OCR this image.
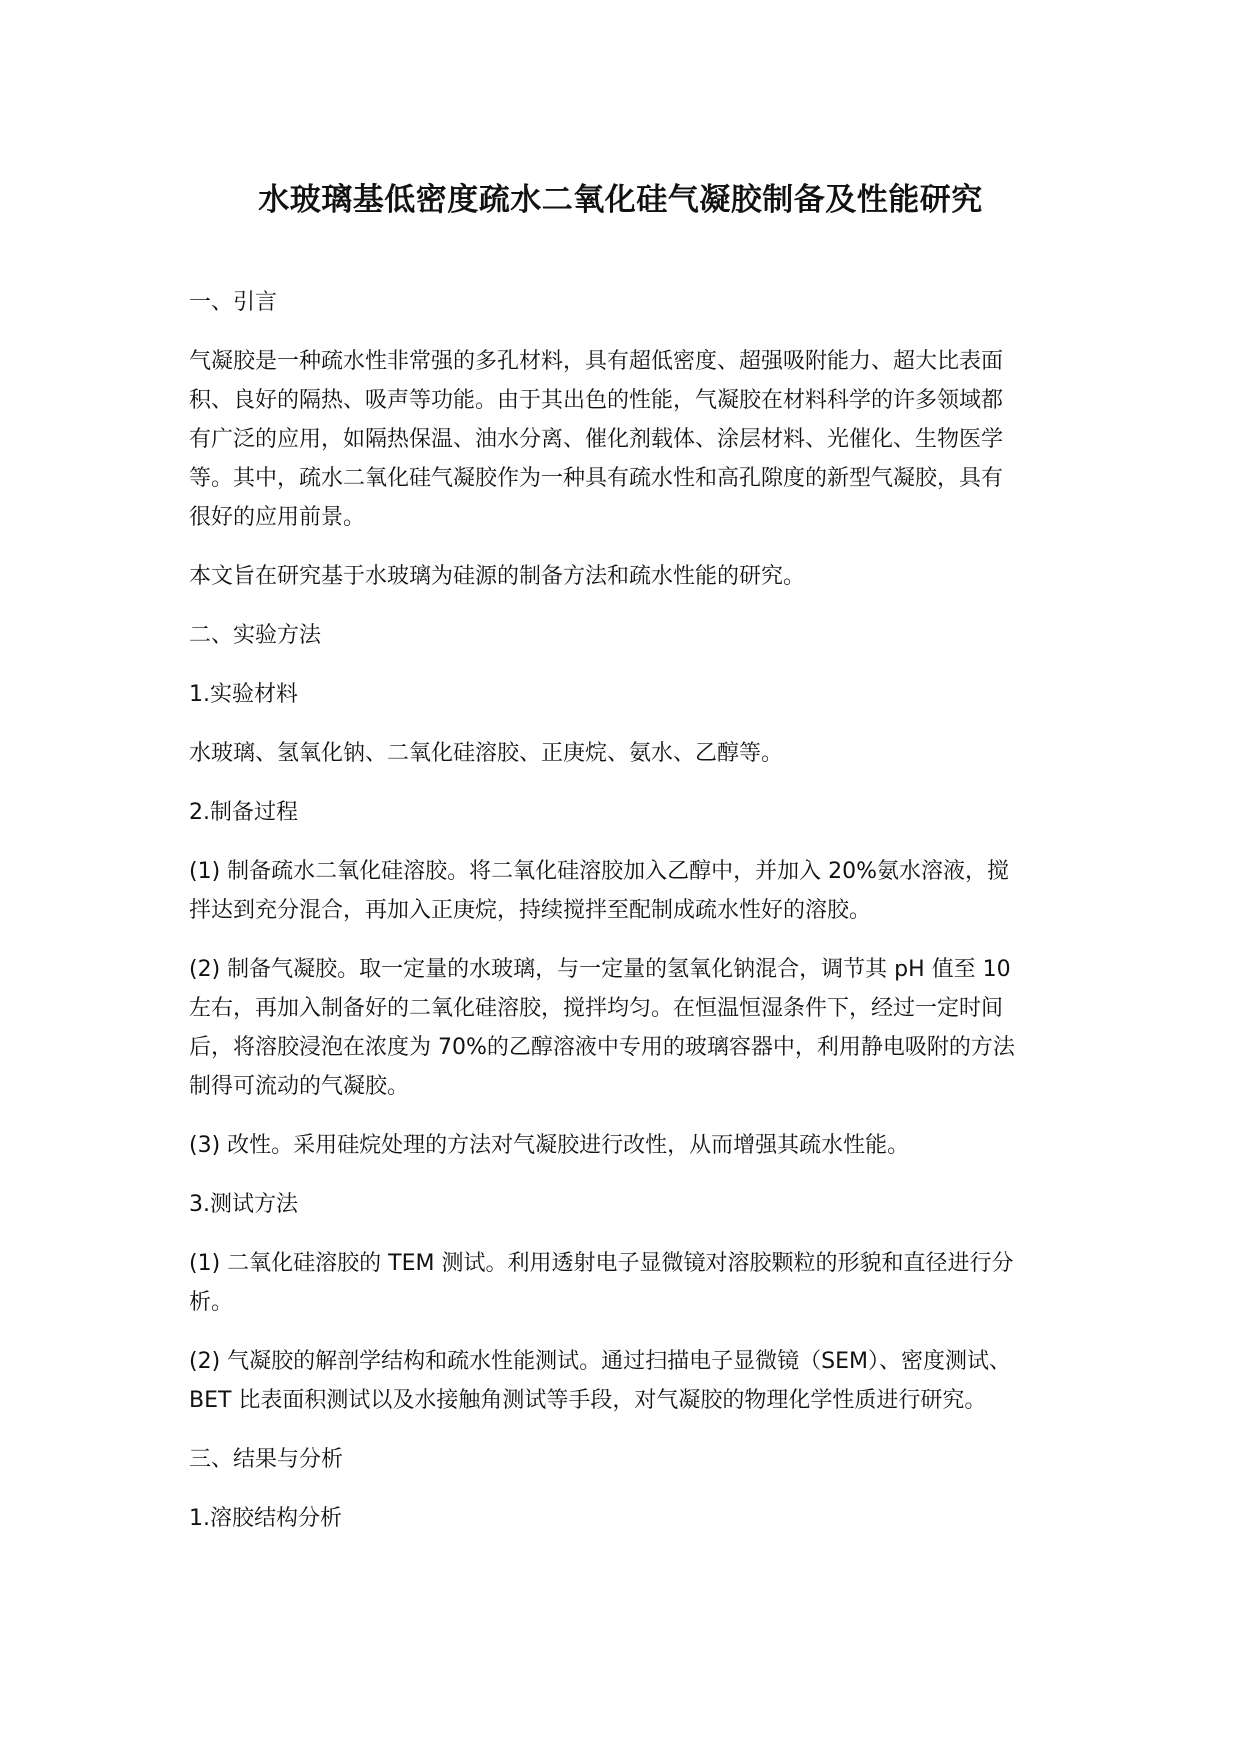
水玻璃基低密度疏水二氧化硅气凝胶制备及性能研究

一、引言

气凝胶是一种疏水性非常强的多孔材料，具有超低密度、超强吸附能力、超大比表面
积、良好的隔热、吸声等功能。由于其出色的性能，气凝胶在材料科学的许多领域都
有广泛的应用，如隔热保温、油水分离、催化剂载体、涂层材料、光催化、生物医学
等。其中，疏水二氧化硅气凝胶作为一种具有疏水性和高孔隙度的新型气凝胶，具有
很好的应用前景。

本文旨在研究基于水玻璃为硅源的制备方法和疏水性能的研究。

二、实验方法

1.实验材料

水玻璃、氢氧化钠、二氧化硅溶胶、正庚烷、氨水、乙醇等。

2.制备过程

(1) 制备疏水二氧化硅溶胶。将二氧化硅溶胶加入乙醇中，并加入 20%氨水溶液，搅
拌达到充分混合，再加入正庚烷，持续搅拌至配制成疏水性好的溶胶。

(2) 制备气凝胶。取一定量的水玻璃，与一定量的氢氧化钠混合，调节其 pH 值至 10
左右，再加入制备好的二氧化硅溶胶，搅拌均匀。在恒温恒湿条件下，经过一定时间
后，将溶胶浸泡在浓度为 70%的乙醇溶液中专用的玻璃容器中，利用静电吸附的方法
制得可流动的气凝胶。

(3) 改性。采用硅烷处理的方法对气凝胶进行改性，从而增强其疏水性能。

3.测试方法

(1) 二氧化硅溶胶的 TEM 测试。利用透射电子显微镜对溶胶颗粒的形貌和直径进行分
析。

(2) 气凝胶的解剖学结构和疏水性能测试。通过扫描电子显微镜（SEM）、密度测试、
BET 比表面积测试以及水接触角测试等手段，对气凝胶的物理化学性质进行研究。

三、结果与分析

1.溶胶结构分析
